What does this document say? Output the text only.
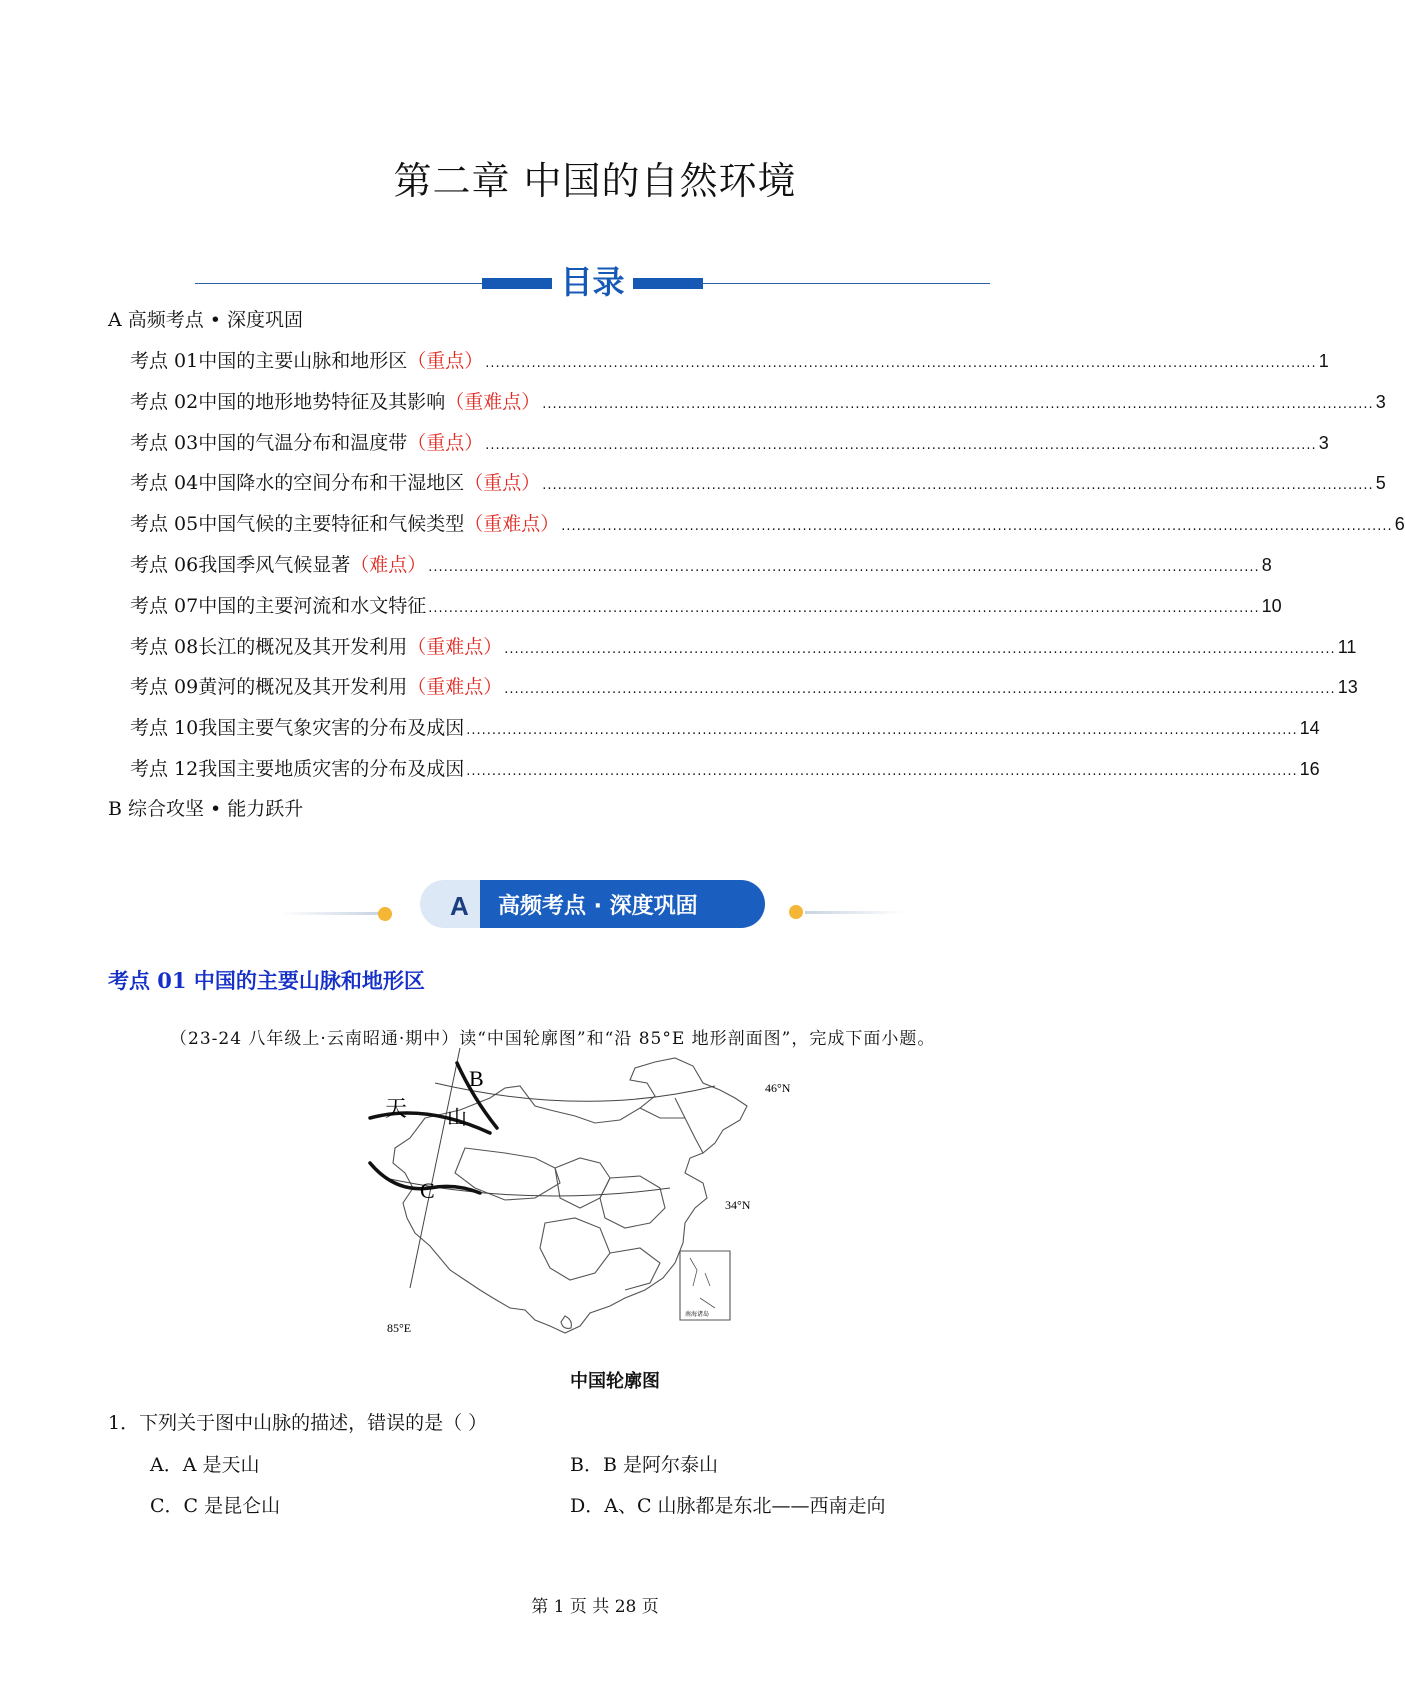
第二章 中国的自然环境
目录
A 高频考点 • 深度巩固
考点 01 中国的主要山脉和地形区 （重点） .................................................................................................................................................................. 1
考点 02 中国的地形地势特征及其影响 （重难点） .................................................................................................................................................................. 3
考点 03 中国的气温分布和温度带 （重点） .................................................................................................................................................................. 3
考点 04 中国降水的空间分布和干湿地区 （重点） .................................................................................................................................................................. 5
考点 05 中国气候的主要特征和气候类型 （重难点） .................................................................................................................................................................. 6
考点 06 我国季风气候显著 （难点） .................................................................................................................................................................. 8
考点 07 中国的主要河流和水文特征 .................................................................................................................................................................. 10
考点 08 长江的概况及其开发利用 （重难点） .................................................................................................................................................................. 11
考点 09 黄河的概况及其开发利用 （重难点） .................................................................................................................................................................. 13
考点 10 我国主要气象灾害的分布及成因 .................................................................................................................................................................. 14
考点 12 我国主要地质灾害的分布及成因 .................................................................................................................................................................. 16
B 综合攻坚 • 能力跃升
A 高频考点 · 深度巩固
考点 01 中国的主要山脉和地形区
（23-24 八年级上·云南昭通·期中）读“中国轮廓图”和“沿 85°E 地形剖面图”，完成下面小题。
B
天 山
C
46°N
34°N
85°E
南海诸岛
中国轮廓图
1．下列关于图中山脉的描述，错误的是（ ）
A．A 是天山	B．B 是阿尔泰山
C．C 是昆仑山	D．A、C 山脉都是东北——西南走向
第 1 页 共 28 页
